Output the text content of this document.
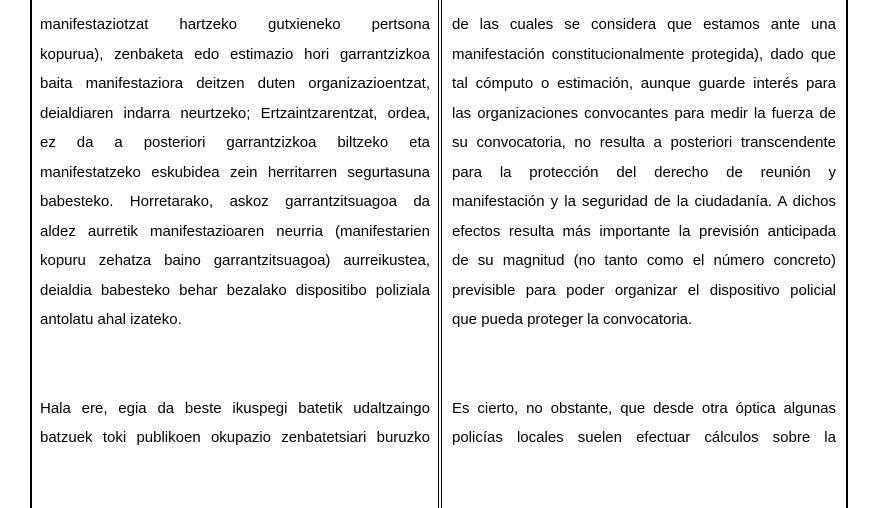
manifestaziotzat hartzeko gutxieneko pertsona
kopurua), zenbaketa edo estimazio hori garrantzizkoa
baita manifestaziora deitzen duten organizazioentzat,
deialdiaren indarra neurtzeko; Ertzaintzarentzat, ordea,
ez da a posteriori garrantzizkoa biltzeko eta
manifestatzeko eskubidea zein herritarren segurtasuna
babesteko. Horretarako, askoz garrantzitsuagoa da
aldez aurretik manifestazioaren neurria (manifestarien
kopuru zehatza baino garrantzitsuagoa) aurreikustea,
deialdia babesteko behar bezalako dispositibo poliziala
antolatu ahal izateko.
Hala ere, egia da beste ikuspegi batetik udaltzaingo
batzuek toki publikoen okupazio zenbatetsiari buruzko
de las cuales se considera que estamos ante una
manifestación constitucionalmente protegida), dado que
tal cómputo o estimación, aunque guarde interés para
las organizaciones convocantes para medir la fuerza de
su convocatoria, no resulta a posteriori transcendente
para la protección del derecho de reunión y
manifestación y la seguridad de la ciudadanía. A dichos
efectos resulta más importante la previsión anticipada
de su magnitud (no tanto como el número concreto)
previsible para poder organizar el dispositivo policial
que pueda proteger la convocatoria.
Es cierto, no obstante, que desde otra óptica algunas
policías locales suelen efectuar cálculos sobre la
